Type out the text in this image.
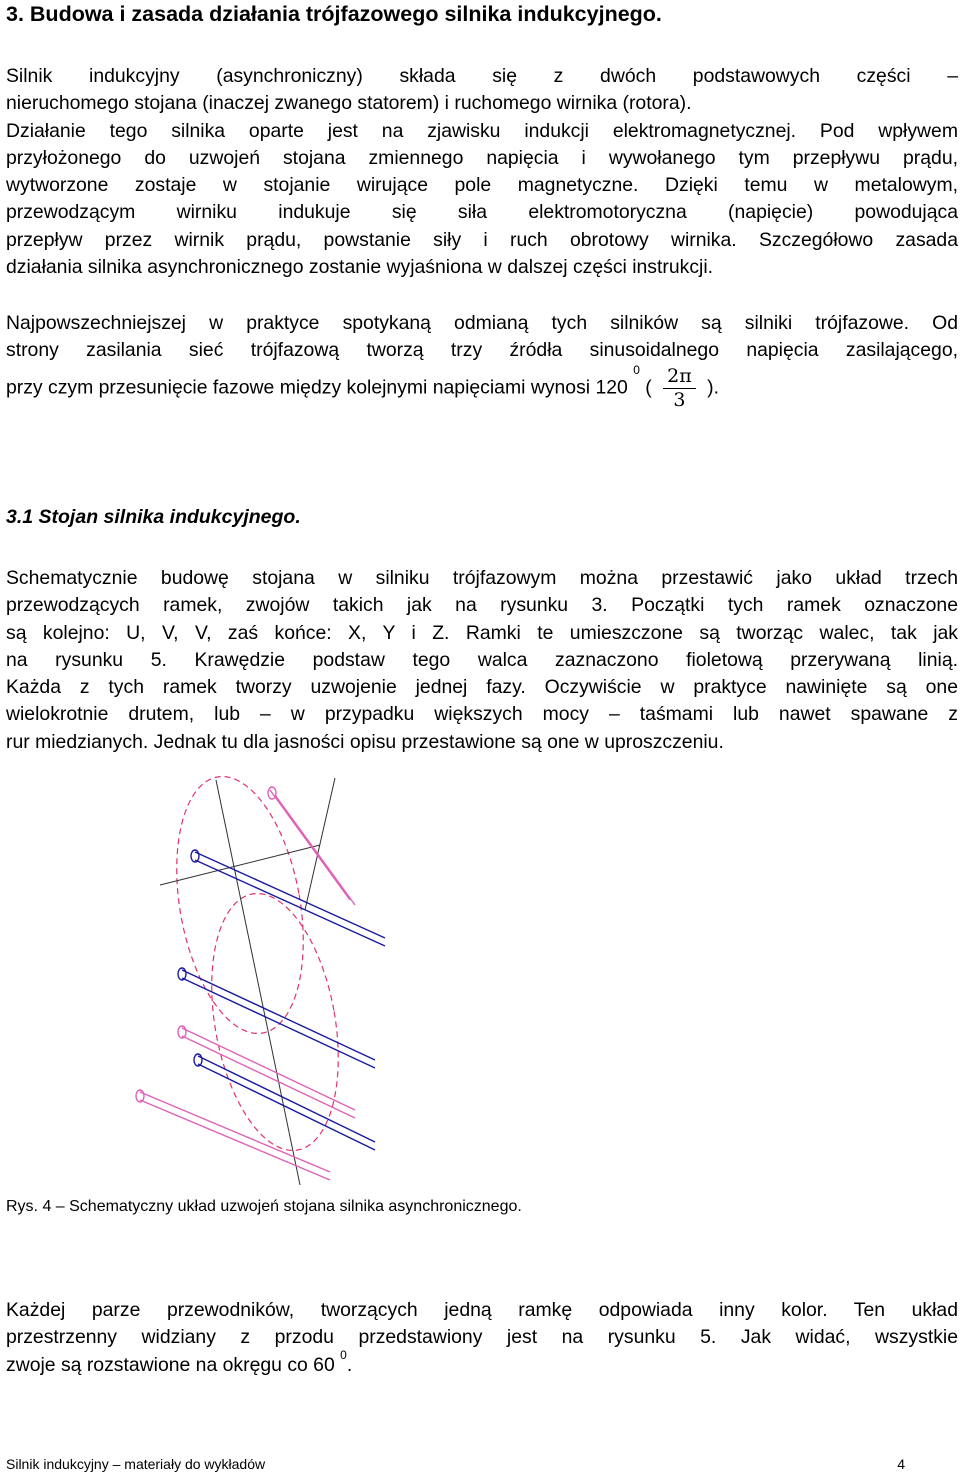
3. Budowa i zasada działania trójfazowego silnika indukcyjnego.
Silnik indukcyjny (asynchroniczny) składa się z dwóch podstawowych części –
nieruchomego stojana (inaczej zwanego statorem) i ruchomego wirnika (rotora).
Działanie tego silnika oparte jest na zjawisku indukcji elektromagnetycznej. Pod wpływem
przyłożonego do uzwojeń stojana zmiennego napięcia i wywołanego tym przepływu prądu,
wytworzone zostaje w stojanie wirujące pole magnetyczne. Dzięki temu w metalowym,
przewodzącym wirniku indukuje się siła elektromotoryczna (napięcie) powodująca
przepływ przez wirnik prądu, powstanie siły i ruch obrotowy wirnika. Szczegółowo zasada
działania silnika asynchronicznego zostanie wyjaśniona w dalszej części instrukcji.
Najpowszechniejszej w praktyce spotykaną odmianą tych silników są silniki trójfazowe. Od
strony zasilania sieć trójfazową tworzą trzy źródła sinusoidalnego napięcia zasilającego,
przy czym przesunięcie fazowe między kolejnymi napięciami wynosi 120 $^0$ ( $\frac{2\pi}{3}$ ).
3.1 Stojan silnika indukcyjnego.
Schematycznie budowę stojana w silniku trójfazowym można przestawić jako układ trzech
przewodzących ramek, zwojów takich jak na rysunku 3. Początki tych ramek oznaczone
są kolejno: U, V, V, zaś końce: X, Y i Z. Ramki te umieszczone są tworząc walec, tak jak
na rysunku 5. Krawędzie podstaw tego walca zaznaczono fioletową przerywaną linią.
Każda z tych ramek tworzy uzwojenie jednej fazy. Oczywiście w praktyce nawinięte są one
wielokrotnie drutem, lub – w przypadku większych mocy – taśmami lub nawet spawane z
rur miedzianych. Jednak tu dla jasności opisu przestawione są one w uproszczeniu.

Rys. 4 – Schematyczny układ uzwojeń stojana silnika asynchronicznego.

Każdej parze przewodników, tworzących jedną ramkę odpowiada inny kolor. Ten układ
przestrzenny widziany z przodu przedstawiony jest na rysunku 5. Jak widać, wszystkie
zwoje są rozstawione na okręgu co 60 $^0$.
Silnik indukcyjny – materiały do wykładów	4
